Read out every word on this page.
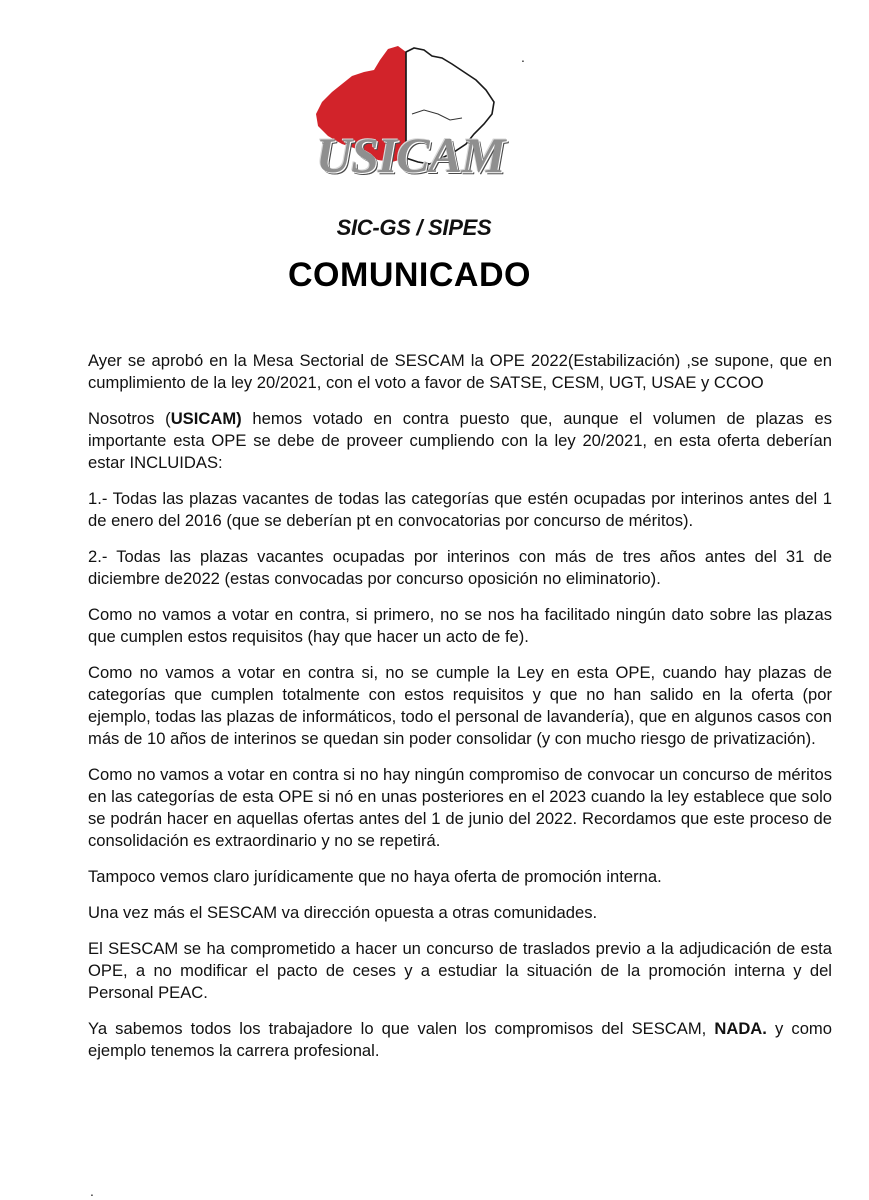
USICAM
SIC-GS / SIPES
.
COMUNICADO

Ayer se aprobó en la Mesa Sectorial de SESCAM la OPE 2022(Estabilización) ,se supone, que en cumplimiento de la ley 20/2021, con el voto a favor de SATSE, CESM, UGT, USAE y CCOO

Nosotros (USICAM) hemos votado en contra puesto que, aunque el volumen de plazas es importante esta OPE se debe de proveer cumpliendo con la ley 20/2021, en esta oferta deberían estar INCLUIDAS:

1.- Todas las plazas vacantes de todas las categorías que estén ocupadas por interinos antes del 1 de enero del 2016 (que se deberían pt en convocatorias por concurso de méritos).

2.- Todas las plazas vacantes ocupadas por interinos con más de tres años antes del 31 de diciembre de2022 (estas convocadas por concurso oposición no eliminatorio).

Como no vamos a votar en contra, si primero, no se nos ha facilitado ningún dato sobre las plazas que cumplen estos requisitos (hay que hacer un acto de fe).

Como no vamos a votar en contra si, no se cumple la Ley en esta OPE, cuando hay plazas de categorías que cumplen totalmente con estos requisitos y que no han salido en la oferta (por ejemplo, todas las plazas de informáticos, todo el personal de lavandería), que en algunos casos con más de 10 años de interinos se quedan sin poder consolidar (y con mucho riesgo de privatización).

Como no vamos a votar en contra si no hay ningún compromiso de convocar un concurso de méritos en las categorías de esta OPE si nó en unas posteriores en el 2023 cuando la ley establece que solo se podrán hacer en aquellas ofertas antes del 1 de junio del 2022. Recordamos que este proceso de consolidación es extraordinario y no se repetirá.

Tampoco vemos claro jurídicamente que no haya oferta de promoción interna.

Una vez más el SESCAM va dirección opuesta a otras comunidades.

El SESCAM se ha comprometido a hacer un concurso de traslados previo a la adjudicación de esta OPE, a no modificar el pacto de ceses y a estudiar la situación de la promoción interna y del Personal PEAC.

Ya sabemos todos los trabajadore lo que valen los compromisos del SESCAM, NADA. y como ejemplo tenemos la carrera profesional.

.
